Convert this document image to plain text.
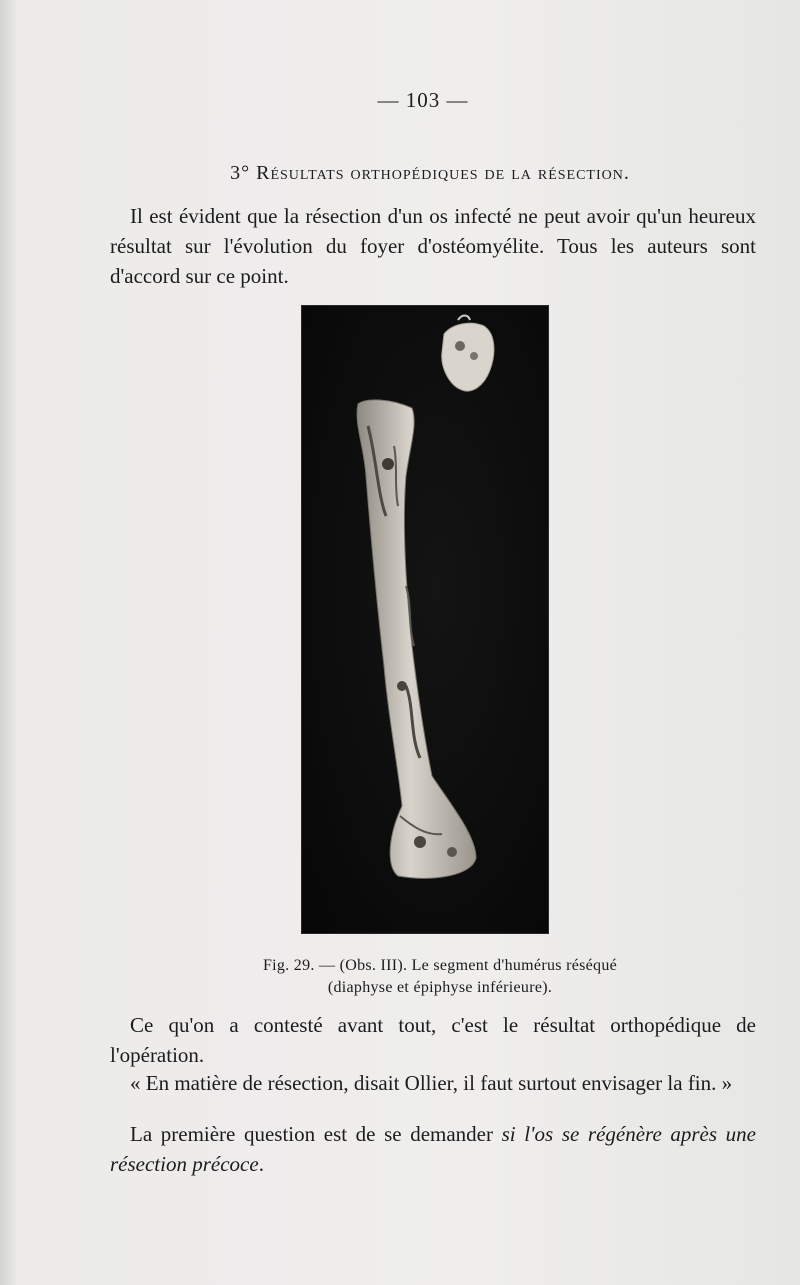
— 103 —
3° Résultats orthopédiques de la résection.

Il est évident que la résection d'un os infecté ne peut avoir qu'un heureux résultat sur l'évolution du foyer d'ostéomyélite. Tous les auteurs sont d'accord sur ce point.

Fig. 29. — (Obs. III). Le segment d'humérus réséqué
(diaphyse et épiphyse inférieure).

Ce qu'on a contesté avant tout, c'est le résultat orthopédique de l'opération.

« En matière de résection, disait Ollier, il faut surtout envisager la fin. »

La première question est de se demander si l'os se régénère après une résection précoce.
